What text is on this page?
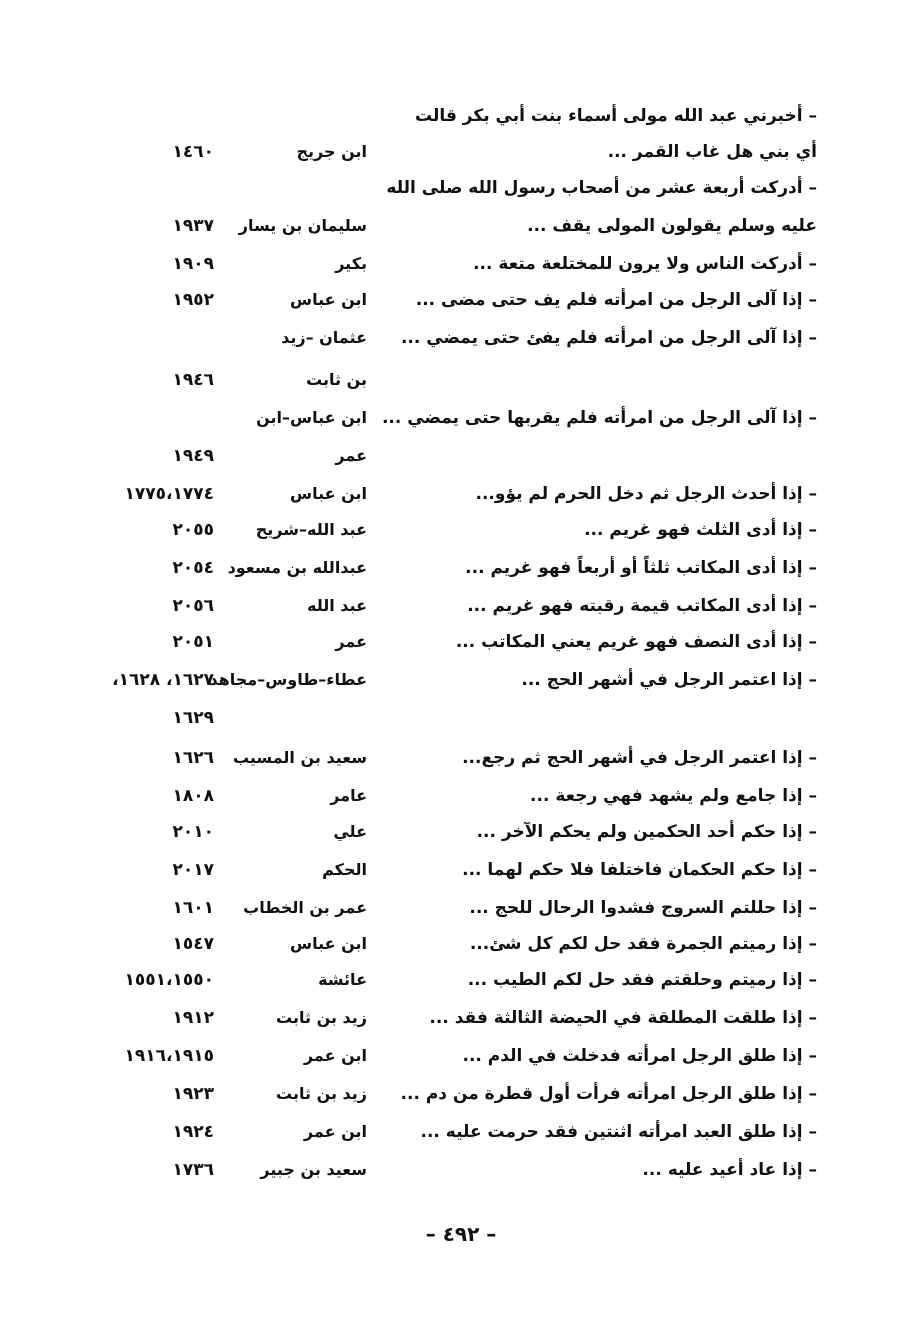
– أخبرني عبد الله مولى أسماء بنت أبي بكر قالت
أي بني هل غاب القمر ...
ابن جريج
١٤٦٠
– أدركت أربعة عشر من أصحاب رسول الله صلى الله
عليه وسلم يقولون المولى يقف ...
سليمان بن يسار
١٩٣٧
– أدركت الناس ولا يرون للمختلعة متعة ...
بكير
١٩٠٩
– إذا آلى الرجل من امرأته فلم يف حتى مضى ...
ابن عباس
١٩٥٢
– إذا آلى الرجل من امرأته فلم يفئ حتى يمضي ...
عثمان –زيد
بن ثابت
١٩٤٦
– إذا آلى الرجل من امرأته فلم يقربها حتى يمضي ...
ابن عباس–ابن
عمر
١٩٤٩
– إذا أحدث الرجل ثم دخل الحرم لم يؤو...
ابن عباس
١٧٧٥،١٧٧٤
– إذا أدى الثلث فهو غريم ...
عبد الله–شريح
٢٠٥٥
– إذا أدى المكاتب ثلثاً أو أربعاً فهو غريم ...
عبدالله بن مسعود
٢٠٥٤
– إذا أدى المكاتب قيمة رقبته فهو غريم ...
عبد الله
٢٠٥٦
– إذا أدى النصف فهو غريم يعني المكاتب ...
عمر
٢٠٥١
– إذا اعتمر الرجل في أشهر الحج ...
عطاء–طاوس–مجاهد
١٦٢٧، ١٦٢٨،
١٦٢٩
– إذا اعتمر الرجل في أشهر الحج ثم رجع...
سعيد بن المسيب
١٦٢٦
– إذا جامع ولم يشهد فهي رجعة ...
عامر
١٨٠٨
– إذا حكم أحد الحكمين ولم يحكم الآخر ...
علي
٢٠١٠
– إذا حكم الحكمان فاختلفا فلا حكم لهما ...
الحكم
٢٠١٧
– إذا حللتم السروج فشدوا الرحال للحج ...
عمر بن الخطاب
١٦٠١
– إذا رميتم الجمرة فقد حل لكم كل شئ...
ابن عباس
١٥٤٧
– إذا رميتم وحلقتم فقد حل لكم الطيب ...
عائشة
١٥٥١،١٥٥٠
– إذا طلقت المطلقة في الحيضة الثالثة فقد ...
زيد بن ثابت
١٩١٢
– إذا طلق الرجل امرأته فدخلت في الدم ...
ابن عمر
١٩١٦،١٩١٥
– إذا طلق الرجل امرأته فرأت أول قطرة من دم ...
زيد بن ثابت
١٩٢٣
– إذا طلق العبد امرأته اثنتين فقد حرمت عليه ...
ابن عمر
١٩٢٤
– إذا عاد أعيد عليه ...
سعيد بن جبير
١٧٣٦
– ٤٩٢ –
